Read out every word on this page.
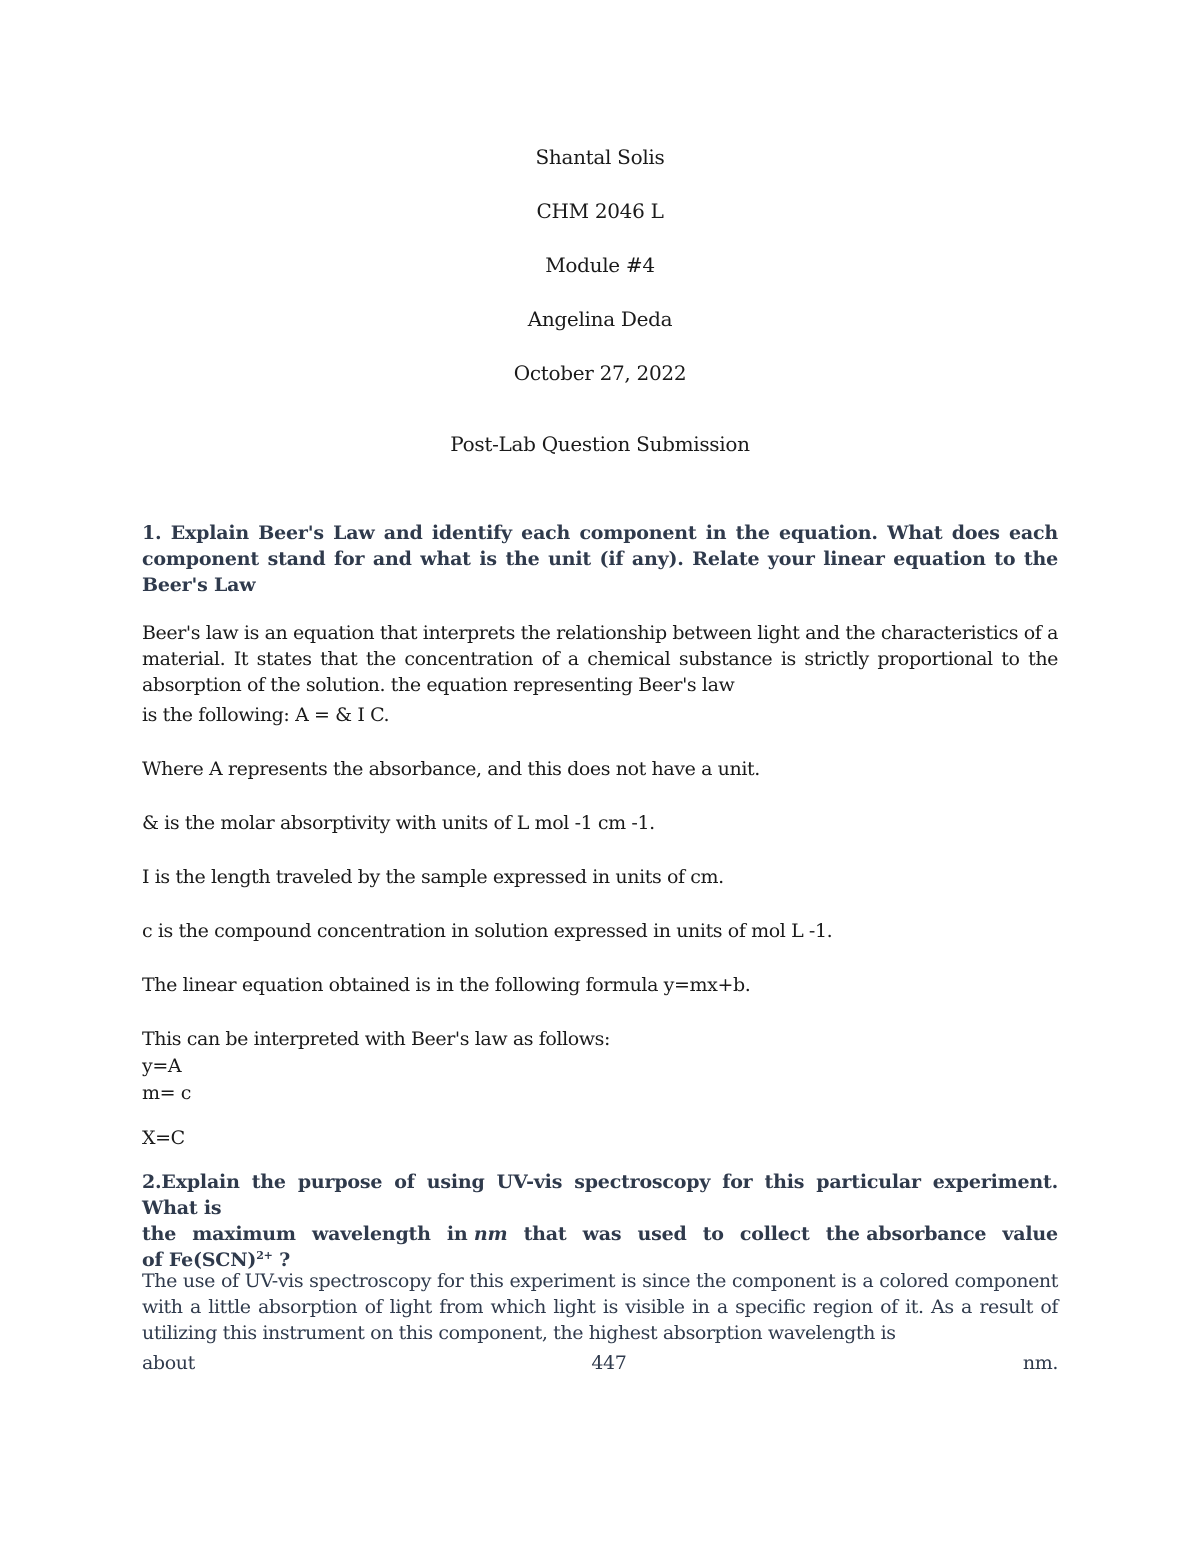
Shantal Solis
CHM 2046 L
Module #4
Angelina Deda
October 27, 2022
Post-Lab Question Submission
1. Explain Beer's Law and identify each component in the equation. What does each component stand for and what is the unit (if any). Relate your linear equation to the Beer's Law
Beer's law is an equation that interprets the relationship between light and the characteristics of a material. It states that the concentration of a chemical substance is strictly proportional to the absorption of the solution. the equation representing Beer's law
is the following: A = & I C.
Where A represents the absorbance, and this does not have a unit.
& is the molar absorptivity with units of L mol -1 cm -1.
I is the length traveled by the sample expressed in units of cm.
c is the compound concentration in solution expressed in units of mol L -1.
The linear equation obtained is in the following formula y=mx+b.
This can be interpreted with Beer's law as follows:
y=A
m= c
X=C
2.Explain the purpose of using UV-vis spectroscopy for this particular experiment. What is
the maximum wavelength in nm that was used to collect the absorbance value
of Fe(SCN)$^{2+}$ ?
The use of UV-vis spectroscopy for this experiment is since the component is a colored component with a little absorption of light from which light is visible in a specific region of it. As a result of utilizing this instrument on this component, the highest absorption wavelength is
about	447	nm.
